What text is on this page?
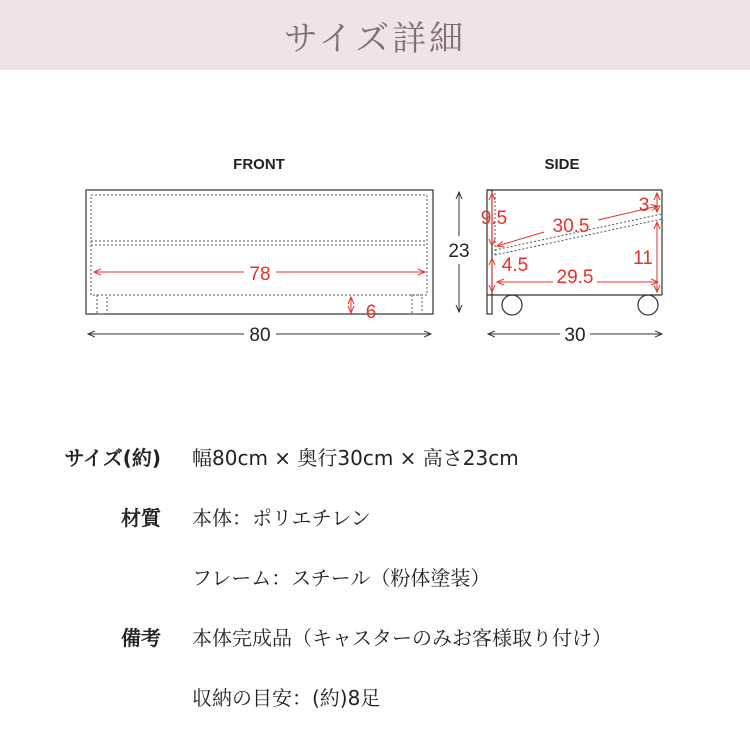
サイズ詳細
FRONT
78
6
80
23
SIDE
3
9.5 30.5
11
4.5
29.5
30
サイズ(約) 幅80cm × 奥行30cm × 高さ23cm
材質 本体：ポリエチレン
フレーム：スチール（粉体塗装）
備考 本体完成品（キャスターのみお客様取り付け）
収納の目安：(約)8足
